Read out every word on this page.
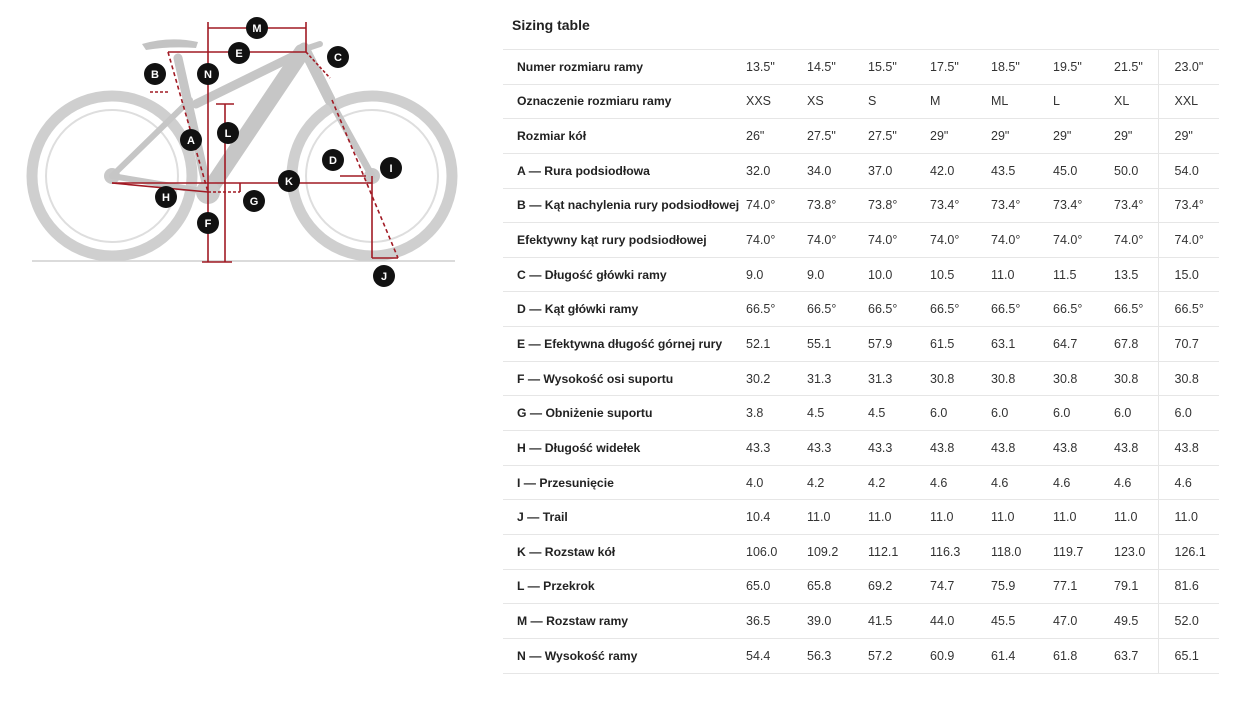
M
E	C
B	N
A
L
D
I
K
H	G
F
J
Sizing table
Numer rozmiaru ramy	13.5"	14.5"	15.5"	17.5"	18.5"	19.5"	21.5"	23.0"
Oznaczenie rozmiaru ramy	XXS	XS	S	M	ML	L	XL	XXL
Rozmiar kół	26"	27.5"	27.5"	29"	29"	29"	29"	29"
A — Rura podsiodłowa	32.0	34.0	37.0	42.0	43.5	45.0	50.0	54.0
B — Kąt nachylenia rury podsiodłowej	74.0°	73.8°	73.8°	73.4°	73.4°	73.4°	73.4°	73.4°
Efektywny kąt rury podsiodłowej	74.0°	74.0°	74.0°	74.0°	74.0°	74.0°	74.0°	74.0°
C — Długość główki ramy	9.0	9.0	10.0	10.5	11.0	11.5	13.5	15.0
D — Kąt główki ramy	66.5°	66.5°	66.5°	66.5°	66.5°	66.5°	66.5°	66.5°
E — Efektywna długość górnej rury	52.1	55.1	57.9	61.5	63.1	64.7	67.8	70.7
F — Wysokość osi suportu	30.2	31.3	31.3	30.8	30.8	30.8	30.8	30.8
G — Obniżenie suportu	3.8	4.5	4.5	6.0	6.0	6.0	6.0	6.0
H — Długość widełek	43.3	43.3	43.3	43.8	43.8	43.8	43.8	43.8
I — Przesunięcie	4.0	4.2	4.2	4.6	4.6	4.6	4.6	4.6
J — Trail	10.4	11.0	11.0	11.0	11.0	11.0	11.0	11.0
K — Rozstaw kół	106.0	109.2	112.1	116.3	118.0	119.7	123.0	126.1
L — Przekrok	65.0	65.8	69.2	74.7	75.9	77.1	79.1	81.6
M — Rozstaw ramy	36.5	39.0	41.5	44.0	45.5	47.0	49.5	52.0
N — Wysokość ramy	54.4	56.3	57.2	60.9	61.4	61.8	63.7	65.1
